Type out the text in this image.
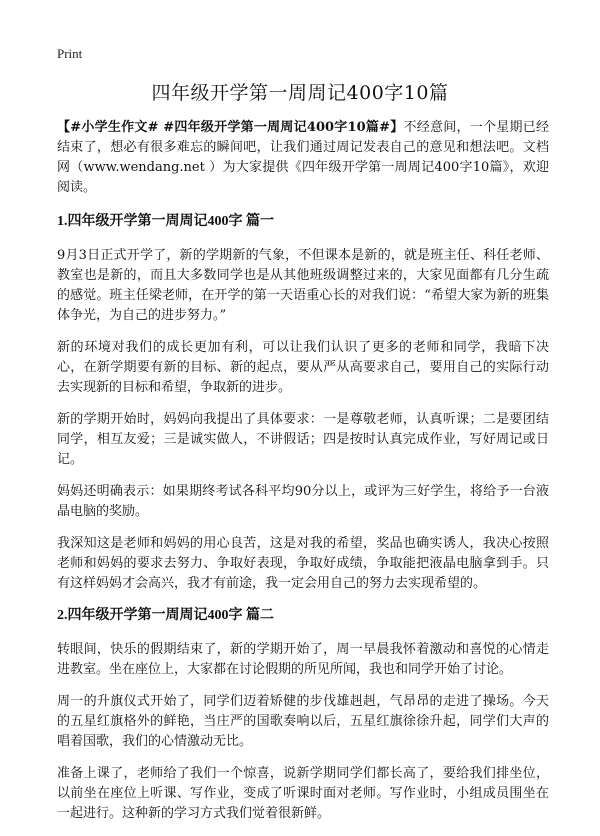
Print
四年级开学第一周周记400字10篇

【#小学生作文# #四年级开学第一周周记400字10篇#】不经意间，一个星期已经结束了，想必有很多难忘的瞬间吧，让我们通过周记发表自己的意见和想法吧。文档网（www.wendang.net ）为大家提供《四年级开学第一周周记400字10篇》，欢迎阅读。

1.四年级开学第一周周记400字 篇一

9月3日正式开学了，新的学期新的气象，不但课本是新的，就是班主任、科任老师、教室也是新的，而且大多数同学也是从其他班级调整过来的，大家见面都有几分生疏的感觉。班主任梁老师，在开学的第一天语重心长的对我们说：“希望大家为新的班集体争光，为自己的进步努力。”

新的环境对我们的成长更加有利，可以让我们认识了更多的老师和同学，我暗下决心，在新学期要有新的目标、新的起点，要从严从高要求自己，要用自己的实际行动去实现新的目标和希望，争取新的进步。

新的学期开始时，妈妈向我提出了具体要求：一是尊敬老师，认真听课；二是要团结同学，相互友爱；三是诚实做人，不讲假话；四是按时认真完成作业，写好周记或日记。

妈妈还明确表示：如果期终考试各科平均90分以上，或评为三好学生，将给予一台液晶电脑的奖励。

我深知这是老师和妈妈的用心良苦，这是对我的希望，奖品也确实诱人，我决心按照老师和妈妈的要求去努力、争取好表现，争取好成绩，争取能把液晶电脑拿到手。只有这样妈妈才会高兴，我才有前途，我一定会用自己的努力去实现希望的。

2.四年级开学第一周周记400字 篇二

转眼间，快乐的假期结束了，新的学期开始了，周一早晨我怀着激动和喜悦的心情走进教室。坐在座位上，大家都在讨论假期的所见所闻，我也和同学开始了讨论。

周一的升旗仪式开始了，同学们迈着矫健的步伐雄赳赳，气昂昂的走进了操场。今天的五星红旗格外的鲜艳，当庄严的国歌奏响以后，五星红旗徐徐升起，同学们大声的唱着国歌，我们的心情激动无比。

准备上课了，老师给了我们一个惊喜，说新学期同学们都长高了，要给我们排坐位，以前坐在座位上听课、写作业，变成了听课时面对老师。写作业时，小组成员围坐在一起进行。这种新的学习方式我们觉着很新鲜。
